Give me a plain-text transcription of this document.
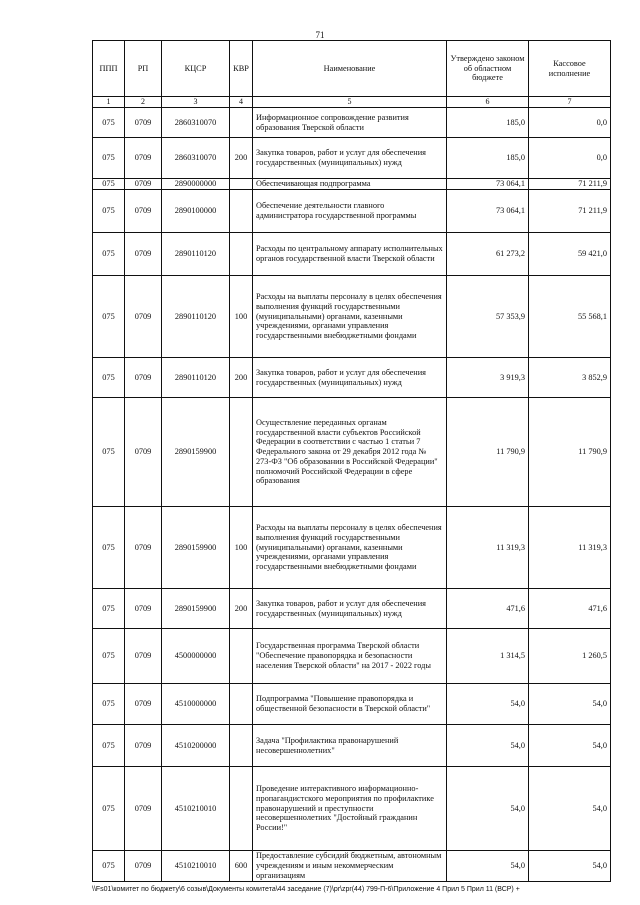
71
ППП	РП	КЦСР	КВР	Наименование	Утверждено законом об областном бюджете	Кассовое исполнение
1	2	3	4	5	6	7
075	0709	2860310070		Информационное сопровождение развития образования Тверской области	185,0	0,0
075	0709	2860310070	200	Закупка товаров, работ и услуг для обеспечения государственных (муниципальных) нужд	185,0	0,0
075	0709	2890000000		Обеспечивающая подпрограмма	73 064,1	71 211,9
075	0709	2890100000		Обеспечение деятельности главного администратора государственной программы	73 064,1	71 211,9
075	0709	2890110120		Расходы по центральному аппарату исполнительных органов государственной власти Тверской области	61 273,2	59 421,0
075	0709	2890110120	100	Расходы на выплаты персоналу в целях обеспечения выполнения функций государственными (муниципальными) органами, казенными учреждениями, органами управления государственными внебюджетными фондами	57 353,9	55 568,1
075	0709	2890110120	200	Закупка товаров, работ и услуг для обеспечения государственных (муниципальных) нужд	3 919,3	3 852,9
075	0709	2890159900		Осуществление переданных органам государственной власти субъектов Российской Федерации в соответствии с частью 1 статьи 7 Федерального закона от 29 декабря 2012 года № 273-ФЗ "Об образовании в Российской Федерации" полномочий Российской Федерации в сфере образования	11 790,9	11 790,9
075	0709	2890159900	100	Расходы на выплаты персоналу в целях обеспечения выполнения функций государственными (муниципальными) органами, казенными учреждениями, органами управления государственными внебюджетными фондами	11 319,3	11 319,3
075	0709	2890159900	200	Закупка товаров, работ и услуг для обеспечения государственных (муниципальных) нужд	471,6	471,6
075	0709	4500000000		Государственная программа Тверской области "Обеспечение правопорядка и безопасности населения Тверской области" на 2017 - 2022 годы	1 314,5	1 260,5
075	0709	4510000000		Подпрограмма "Повышение правопорядка и общественной безопасности в Тверской области"	54,0	54,0
075	0709	4510200000		Задача "Профилактика правонарушений несовершеннолетних"	54,0	54,0
075	0709	4510210010		Проведение интерактивного информационно-пропагандистского мероприятия по профилактике правонарушений и преступности несовершеннолетних "Достойный гражданин России!"	54,0	54,0
075	0709	4510210010	600	Предоставление субсидий бюджетным, автономным учреждениям и иным некоммерческим организациям	54,0	54,0
\\Fs01\комитет по бюджету\6 созыв\Документы комитета\44 заседание (7)\pr\zpr(44) 799-П-6\Приложение 4 Прил 5 Прил 11 (ВСР) +
